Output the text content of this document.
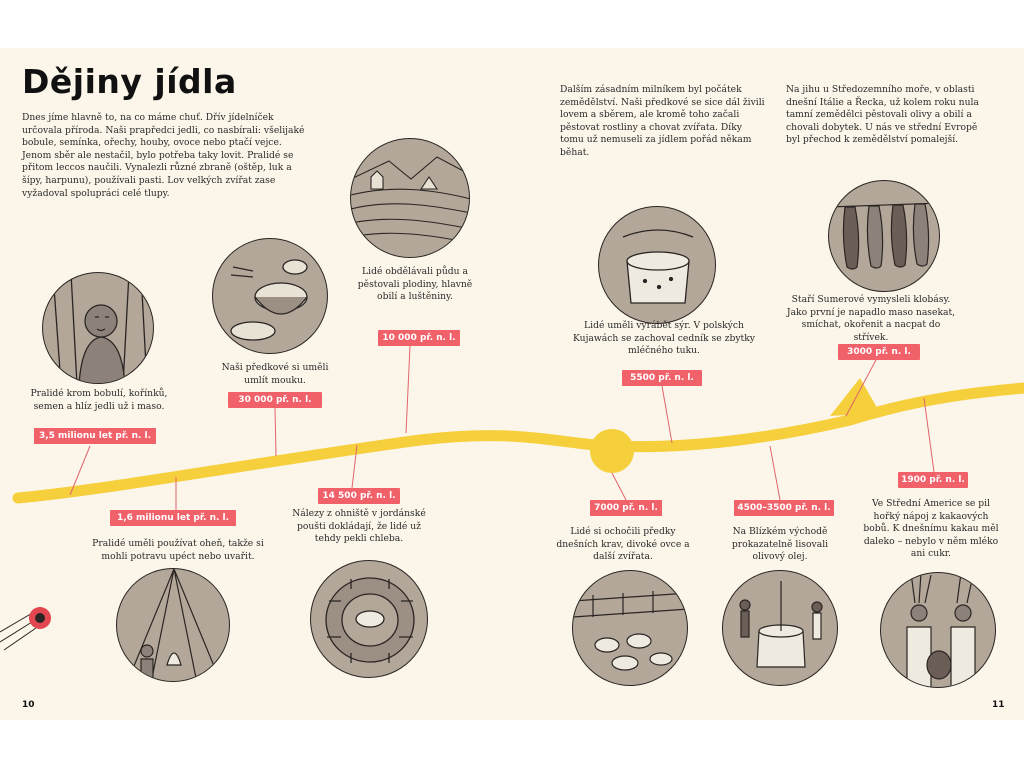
Dějiny jídla
Dnes jíme hlavně to, na co máme chuť. Dřív jídelníček určovala příroda. Naši prapředci jedli, co nasbírali: všelijaké bobule, semínka, ořechy, houby, ovoce nebo ptačí vejce. Jenom sběr ale nestačil, bylo potřeba taky lovit. Pralidé se přitom leccos naučili. Vynalezli různé zbraně (oštěp, luk a šípy, harpunu), používali pasti. Lov velkých zvířat zase vyžadoval spolupráci celé tlupy.
Dalším zásadním milníkem byl počátek zemědělství. Naši předkové se sice dál živili lovem a sběrem, ale kromě toho začali pěstovat rostliny a chovat zvířata. Díky tomu už nemuseli za jídlem pořád někam běhat.
Na jihu u Středozemního moře, v oblasti dnešní Itálie a Řecka, už kolem roku nula tamní zemědělci pěstovali olivy a obilí a chovali dobytek. U nás ve střední Evropě byl přechod k zemědělství pomalejší.
Pralidé krom bobulí, kořínků, semen a hlíz jedli už i maso.
Naši předkové si uměli umlít mouku.
Lidé obdělávali půdu a pěstovali plodiny, hlavně obilí a luštěniny.
Lidé uměli vyrábět sýr. V polských Kujawách se zachoval cedník se zbytky mléčného tuku.
Staří Sumerové vymysleli klobásy. Jako první je napadlo maso nasekat, smíchat, okořenit a nacpat do střívek.
Pralidé uměli používat oheň, takže si mohli potravu upéct nebo uvařit.
Nálezy z ohniště v jordánské poušti dokládají, že lidé už tehdy pekli chleba.
Lidé si ochočili předky dnešních krav, divoké ovce a další zvířata.
Na Blízkém východě prokazatelně lisovali olivový olej.
Ve Střední Americe se pil hořký nápoj z kakaových bobů. K dnešnímu kakau měl daleko – nebylo v něm mléko ani cukr.
3,5 milionu let př. n. l.
30 000 př. n. l.
10 000 př. n. l.
5500 př. n. l.
3000 př. n. l.
1,6 milionu let př. n. l.
14 500 př. n. l.
7000 př. n. l.	4500–3500 př. n. l.
1900 př. n. l.
10	11
